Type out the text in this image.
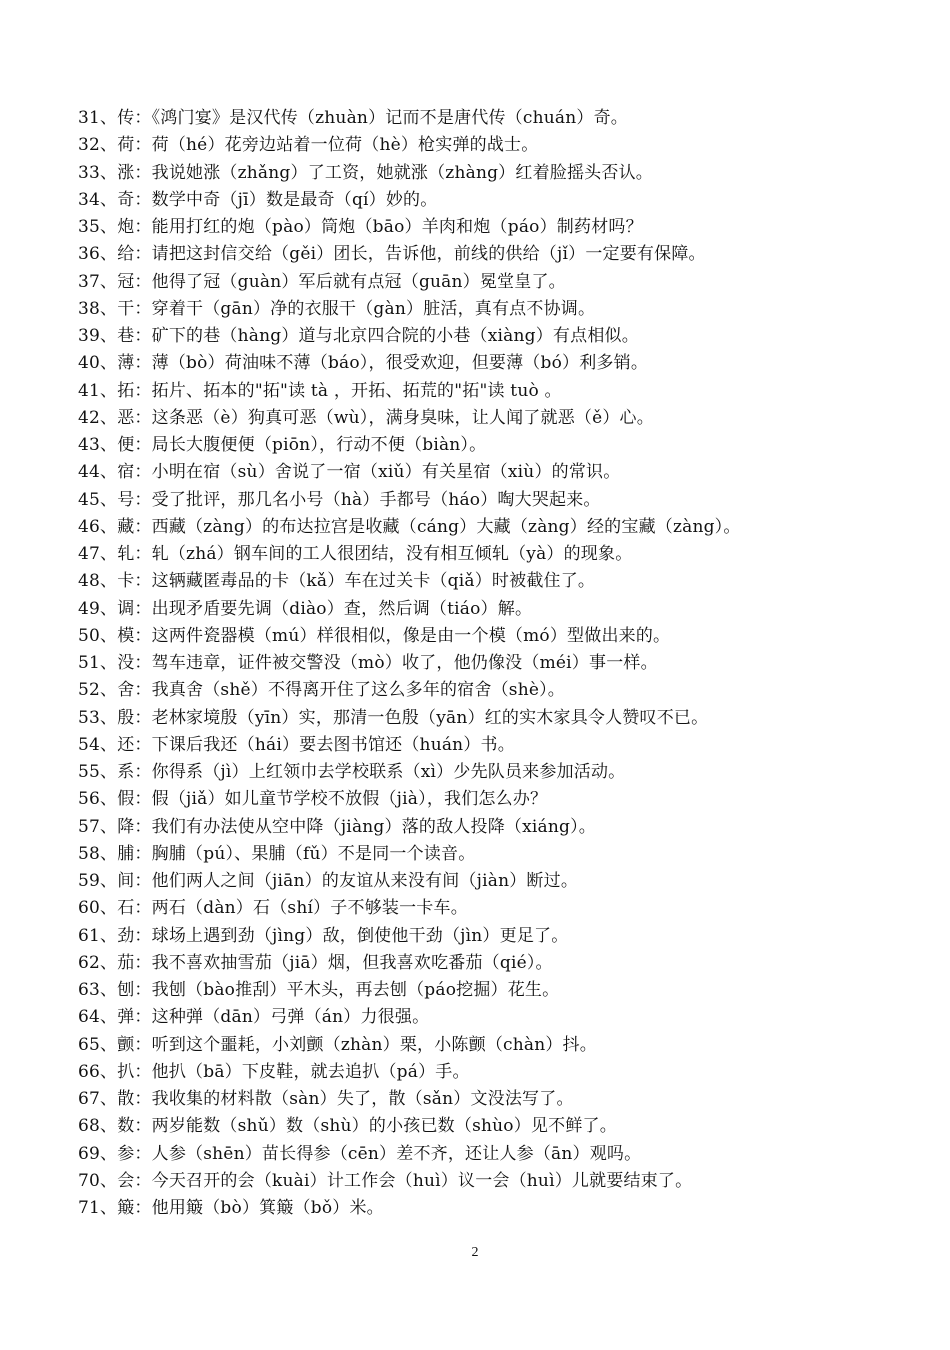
31、传：《鸿门宴》是汉代传（zhuàn）记而不是唐代传（chuán）奇。
32、荷：荷（hé）花旁边站着一位荷（hè）枪实弹的战士。
33、涨：我说她涨（zhǎng）了工资，她就涨（zhàng）红着脸摇头否认。
34、奇：数学中奇（jī）数是最奇（qí）妙的。
35、炮：能用打红的炮（pào）筒炮（bāo）羊肉和炮（páo）制药材吗？
36、给：请把这封信交给（gěi）团长，告诉他，前线的供给（jǐ）一定要有保障。
37、冠：他得了冠（guàn）军后就有点冠（guān）冕堂皇了。
38、干：穿着干（gān）净的衣服干（gàn）脏活，真有点不协调。
39、巷：矿下的巷（hàng）道与北京四合院的小巷（xiàng）有点相似。
40、薄：薄（bò）荷油味不薄（báo），很受欢迎，但要薄（bó）利多销。
41、拓：拓片、拓本的"拓"读 tà ，开拓、拓荒的"拓"读 tuò 。
42、恶：这条恶（è）狗真可恶（wù），满身臭味，让人闻了就恶（ě）心。
43、便：局长大腹便便（piōn），行动不便（biàn）。
44、宿：小明在宿（sù）舍说了一宿（xiǔ）有关星宿（xiù）的常识。
45、号：受了批评，那几名小号（hà）手都号（háo）啕大哭起来。
46、藏：西藏（zàng）的布达拉宫是收藏（cáng）大藏（zàng）经的宝藏（zàng）。
47、轧：轧（zhá）钢车间的工人很团结，没有相互倾轧（yà）的现象。
48、卡：这辆藏匿毒品的卡（kǎ）车在过关卡（qiǎ）时被截住了。
49、调：出现矛盾要先调（diào）查，然后调（tiáo）解。
50、模：这两件瓷器模（mú）样很相似，像是由一个模（mó）型做出来的。
51、没：驾车违章，证件被交警没（mò）收了，他仍像没（méi）事一样。
52、舍：我真舍（shě）不得离开住了这么多年的宿舍（shè）。
53、殷：老林家境殷（yīn）实，那清一色殷（yān）红的实木家具令人赞叹不已。
54、还：下课后我还（hái）要去图书馆还（huán）书。
55、系：你得系（jì）上红领巾去学校联系（xì）少先队员来参加活动。
56、假：假（jiǎ）如儿童节学校不放假（jià），我们怎么办？
57、降：我们有办法使从空中降（jiàng）落的敌人投降（xiáng）。
58、脯：胸脯（pú）、果脯（fǔ）不是同一个读音。
59、间：他们两人之间（jiān）的友谊从来没有间（jiàn）断过。
60、石：两石（dàn）石（shí）子不够装一卡车。
61、劲：球场上遇到劲（jìng）敌，倒使他干劲（jìn）更足了。
62、茄：我不喜欢抽雪茄（jiā）烟，但我喜欢吃番茄（qié）。
63、刨：我刨（bào推刮）平木头，再去刨（páo挖掘）花生。
64、弹：这种弹（dān）弓弹（án）力很强。
65、颤：听到这个噩耗，小刘颤（zhàn）栗，小陈颤（chàn）抖。
66、扒：他扒（bā）下皮鞋，就去追扒（pá）手。
67、散：我收集的材料散（sàn）失了，散（sǎn）文没法写了。
68、数：两岁能数（shǔ）数（shù）的小孩已数（shùo）见不鲜了。
69、参：人参（shēn）苗长得参（cēn）差不齐，还让人参（ān）观吗。
70、会：今天召开的会（kuài）计工作会（huì）议一会（huì）儿就要结束了。
71、簸：他用簸（bò）箕簸（bǒ）米。
2
